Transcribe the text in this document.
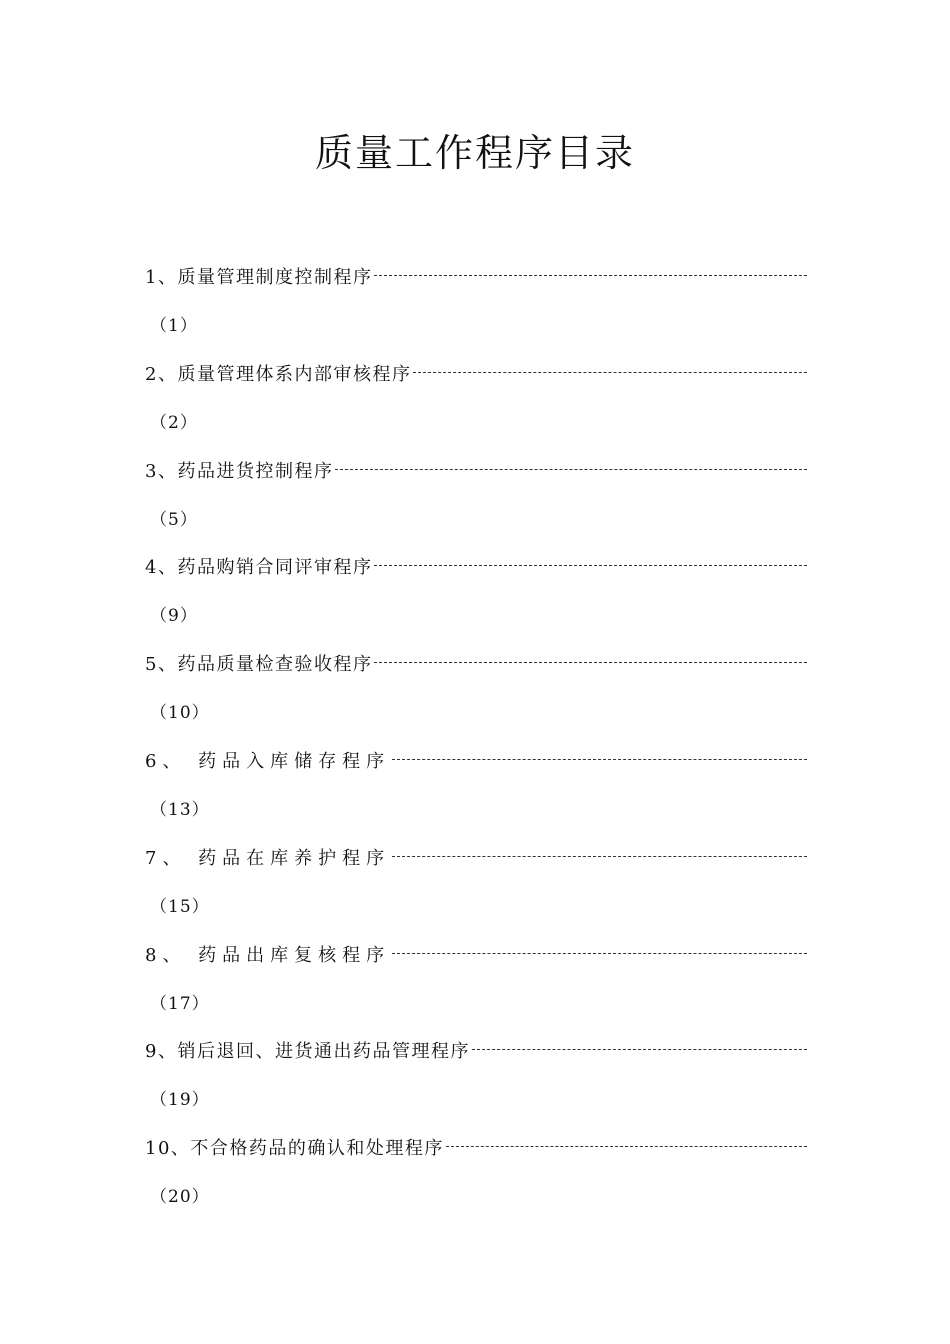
质量工作程序目录
1 、质量管理制度控制程序
（1）
2 、质量管理体系内部审核程序
（2）
3 、药品进货控制程序
（5）
4 、药品购销合同评审程序
（9）
5 、药品质量检查验收程序
（10）
6 、 药品入库储存程序
（13）
7 、 药品在库养护程序
（15）
8 、 药品出库复核程序
（17）
9 、销后退回、进货通出药品管理程序
（19）
10 、不合格药品的确认和处理程序
（20）
